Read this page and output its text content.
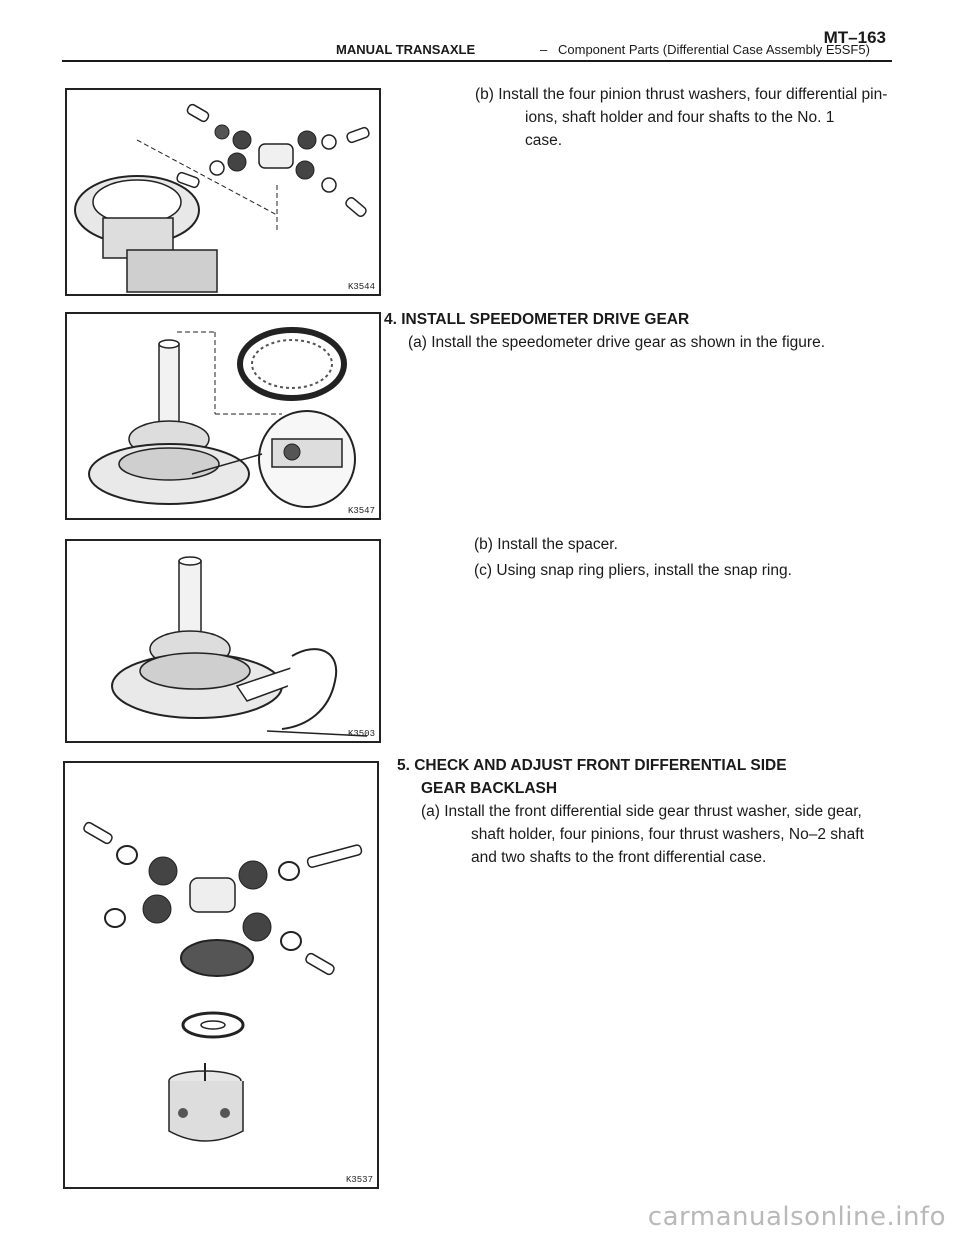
MANUAL TRANSAXLE	– Component Parts (Differential Case Assembly E5SF5)
MT–163
K3544
(b) Install the four pinion thrust washers, four differential pin-
ions, shaft holder and four shafts to the No. 1
case.
K3547
4. INSTALL SPEEDOMETER DRIVE GEAR
(a) Install the speedometer drive gear as shown in the figure.
K3503
(b) Install the spacer.
(c) Using snap ring pliers, install the snap ring.
K3537
5. CHECK AND ADJUST FRONT DIFFERENTIAL SIDE
GEAR BACKLASH
(a) Install the front differential side gear thrust washer, side gear,
shaft holder, four pinions, four thrust washers, No–2 shaft
and two shafts to the front differential case.
carmanualsonline.info
